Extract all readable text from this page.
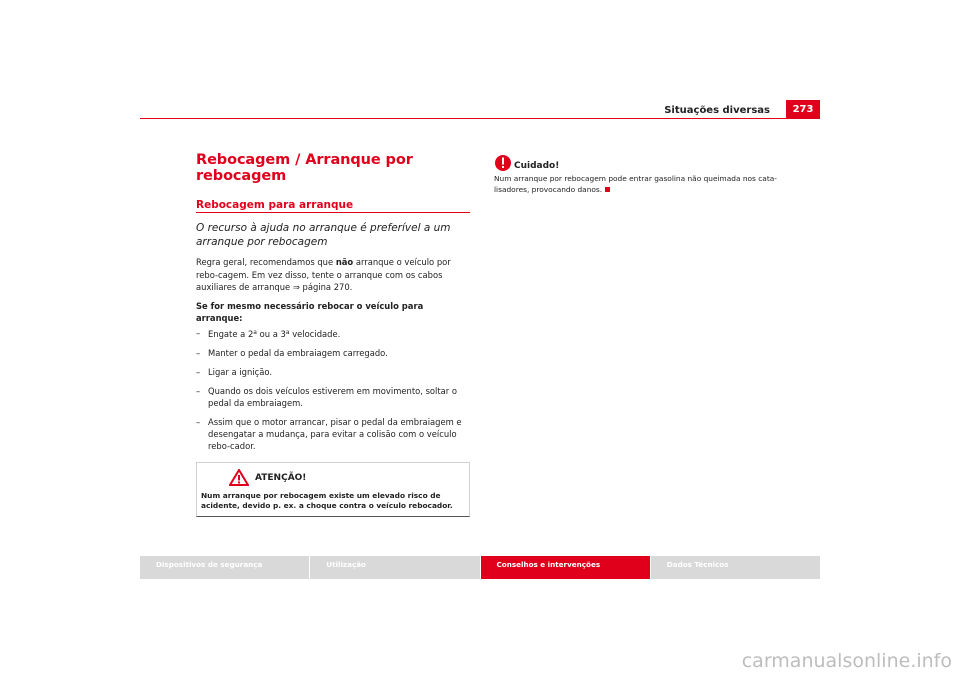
Situações diversas	273
Rebocagem / Arranque por rebocagem
Rebocagem para arranque

O recurso à ajuda no arranque é preferível a um arranque por rebocagem

Regra geral, recomendamos que não arranque o veículo por rebo-cagem. Em vez disso, tente o arranque com os cabos auxiliares de arranque ⇒ página 270.

Se for mesmo necessário rebocar o veículo para arranque:

– Engate a 2$^a$ ou a 3$^a$ velocidade.
– Manter o pedal da embraiagem carregado.
– Ligar a ignição.
– Quando os dois veículos estiverem em movimento, soltar o pedal da embraiagem.
– Assim que o motor arrancar, pisar o pedal da embraiagem e desengatar a mudança, para evitar a colisão com o veículo rebo-cador.
ATENÇÃO!

Num arranque por rebocagem existe um elevado risco de acidente, devido p. ex. a choque contra o veículo rebocador.

Cuidado!

Num arranque por rebocagem pode entrar gasolina não queimada nos cata-lisadores, provocando danos.

Dispositivos de segurança	Utilização	Conselhos e intervenções	Dados Técnicos
carmanualsonline.info
